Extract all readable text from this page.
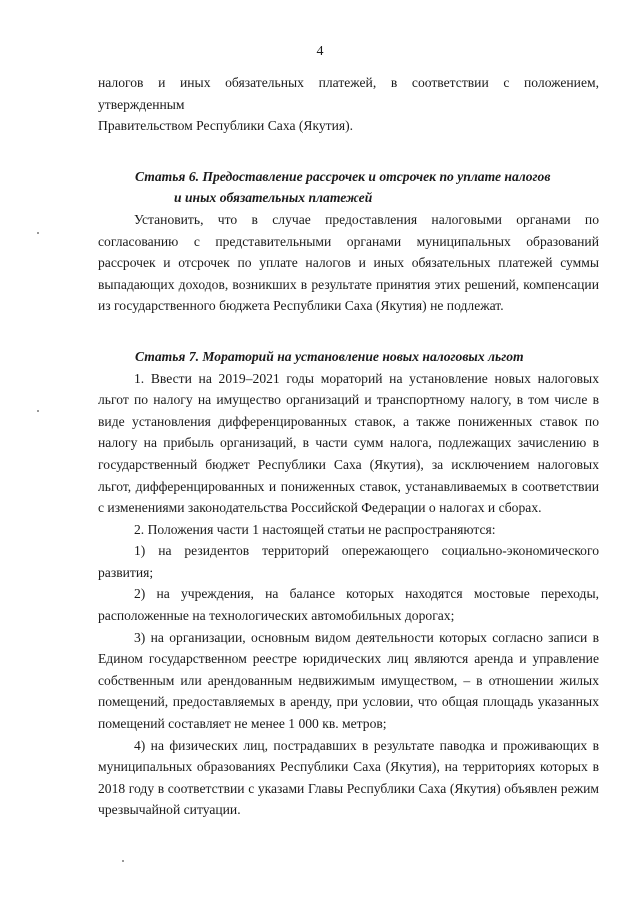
4

налогов и иных обязательных платежей, в соответствии с положением, утвержденным

Правительством Республики Саха (Якутия).

Статья 6. Предоставление рассрочек и отсрочек по уплате налогов

и иных обязательных платежей

Установить, что в случае предоставления налоговыми органами по согласованию с представительными органами муниципальных образований рассрочек и отсрочек по уплате налогов и иных обязательных платежей суммы выпадающих доходов, возникших в результате принятия этих решений, компенсации из государственного бюджета Республики Саха (Якутия) не подлежат.

Статья 7. Мораторий на установление новых налоговых льгот

1. Ввести на 2019–2021 годы мораторий на установление новых налоговых льгот по налогу на имущество организаций и транспортному налогу, в том числе в виде установления дифференцированных ставок, а также пониженных ставок по налогу на прибыль организаций, в части сумм налога, подлежащих зачислению в государственный бюджет Республики Саха (Якутия), за исключением налоговых льгот, дифференцированных и пониженных ставок, устанавливаемых в соответствии с изменениями законодательства Российской Федерации о налогах и сборах.

2. Положения части 1 настоящей статьи не распространяются:

1) на резидентов территорий опережающего социально-экономического развития;

2) на учреждения, на балансе которых находятся мостовые переходы, расположенные на технологических автомобильных дорогах;

3) на организации, основным видом деятельности которых согласно записи в Едином государственном реестре юридических лиц являются аренда и управление собственным или арендованным недвижимым имуществом, – в отношении жилых помещений, предоставляемых в аренду, при условии, что общая площадь указанных помещений составляет не менее 1 000 кв. метров;

4) на физических лиц, пострадавших в результате паводка и проживающих в муниципальных образованиях Республики Саха (Якутия), на территориях которых в 2018 году в соответствии с указами Главы Республики Саха (Якутия) объявлен режим чрезвычайной ситуации.
